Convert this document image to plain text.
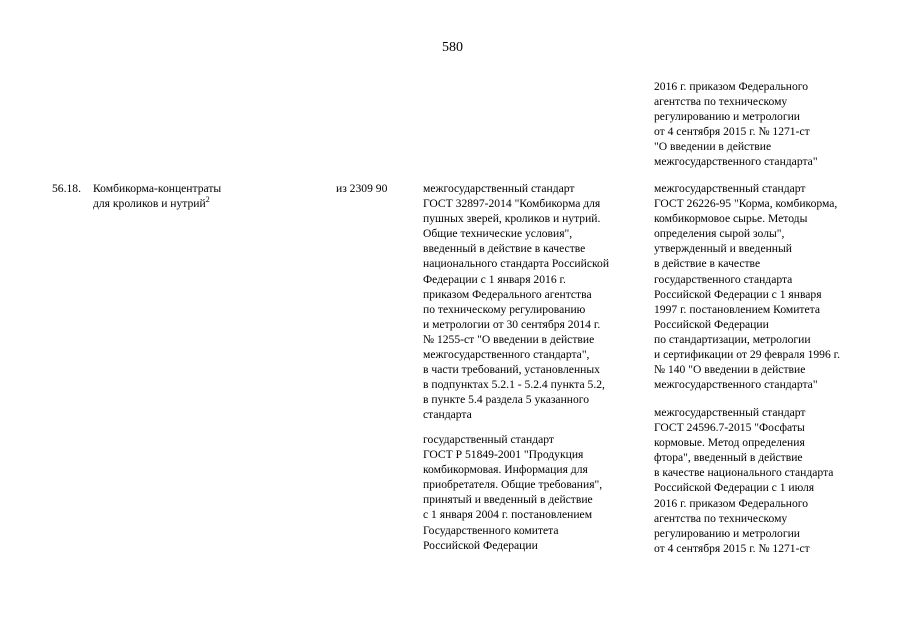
580
2016 г. приказом Федерального
агентства по техническому
регулированию и метрологии
от 4 сентября 2015 г. № 1271-ст
"О введении в действие
межгосударственного стандарта"
56.18. Комбикорма-концентраты
для кроликов и нутрий$^2$
из 2309 90	межгосударственный стандарт
ГОСТ 32897-2014 "Комбикорма для
пушных зверей, кроликов и нутрий.
Общие технические условия",
введенный в действие в качестве
национального стандарта Российской
Федерации с 1 января 2016 г.
приказом Федерального агентства
по техническому регулированию
и метрологии от 30 сентября 2014 г.
№ 1255-ст "О введении в действие
межгосударственного стандарта",
в части требований, установленных
в подпунктах 5.2.1 - 5.2.4 пункта 5.2,
в пункте 5.4 раздела 5 указанного
стандарта
государственный стандарт
ГОСТ Р 51849-2001 "Продукция
комбикормовая. Информация для
приобретателя. Общие требования",
принятый и введенный в действие
с 1 января 2004 г. постановлением
Государственного комитета
Российской Федерации
межгосударственный стандарт
ГОСТ 26226-95 "Корма, комбикорма,
комбикормовое сырье. Методы
определения сырой золы",
утвержденный и введенный
в действие в качестве
государственного стандарта
Российской Федерации с 1 января
1997 г. постановлением Комитета
Российской Федерации
по стандартизации, метрологии
и сертификации от 29 февраля 1996 г.
№ 140 "О введении в действие
межгосударственного стандарта"
межгосударственный стандарт
ГОСТ 24596.7-2015 "Фосфаты
кормовые. Метод определения
фтора", введенный в действие
в качестве национального стандарта
Российской Федерации с 1 июля
2016 г. приказом Федерального
агентства по техническому
регулированию и метрологии
от 4 сентября 2015 г. № 1271-ст
